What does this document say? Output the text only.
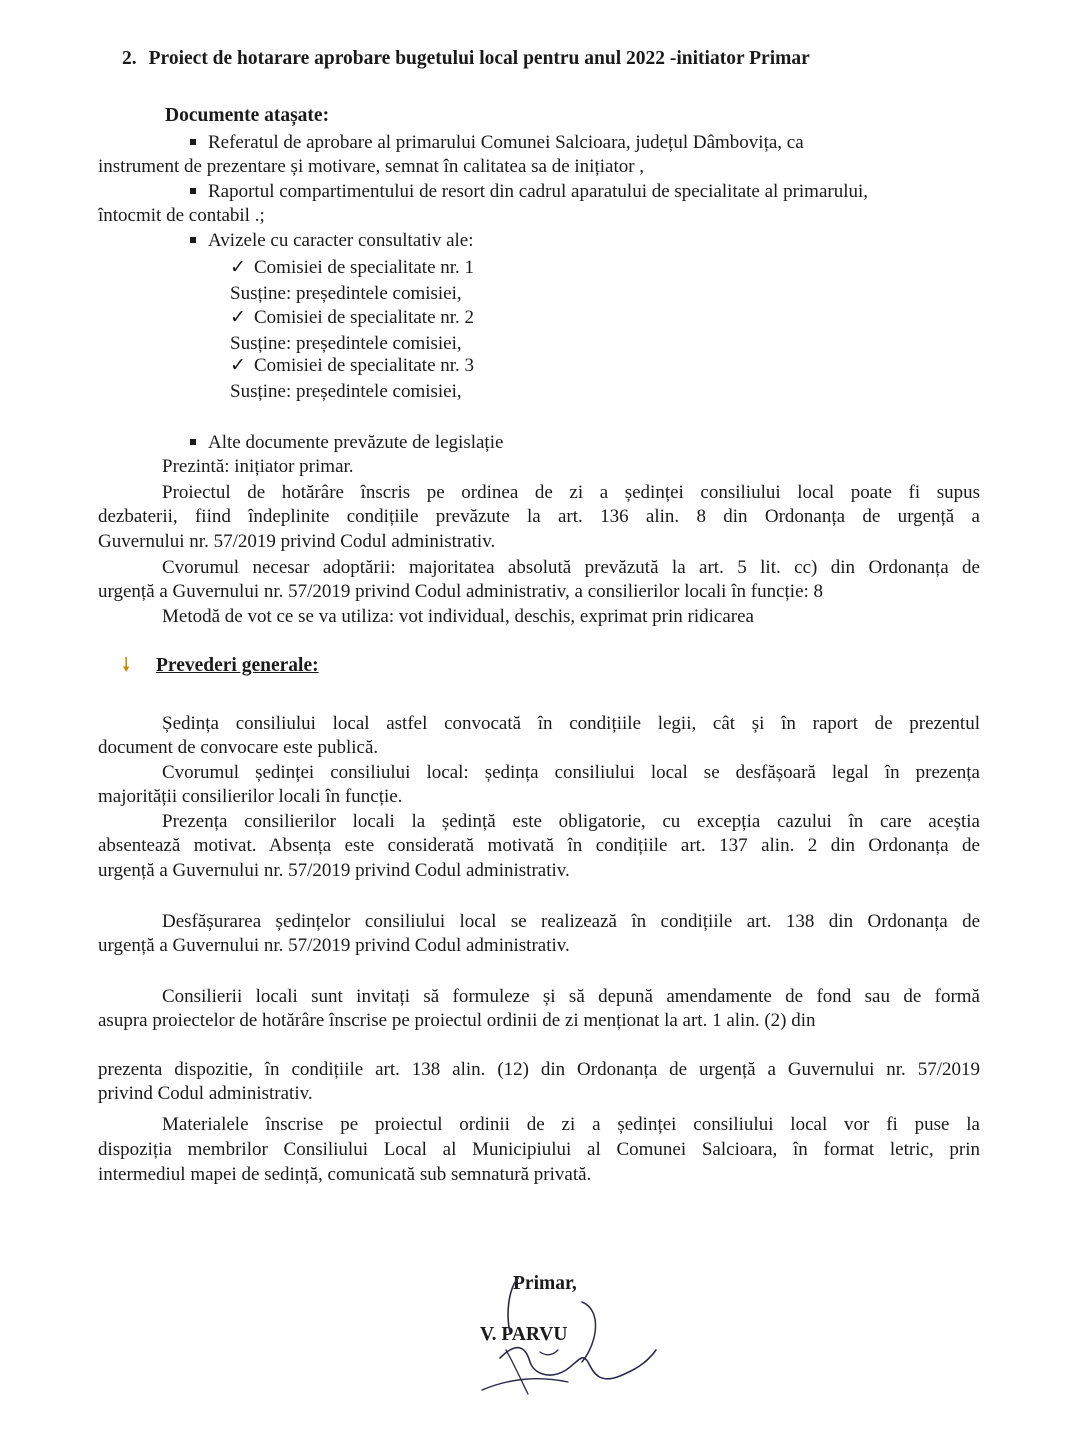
2. Proiect de hotarare aprobare bugetului local pentru anul 2022 -initiator Primar
Documente atașate:
Referatul de aprobare al primarului Comunei Salcioara, județul Dâmbovița, ca
instrument de prezentare și motivare, semnat în calitatea sa de inițiator ,
Raportul compartimentului de resort din cadrul aparatului de specialitate al primarului,
întocmit de contabil .;
Avizele cu caracter consultativ ale:
✓ Comisiei de specialitate nr. 1
Susține: președintele comisiei,
✓ Comisiei de specialitate nr. 2
Susține: președintele comisiei,
✓ Comisiei de specialitate nr. 3
Susține: președintele comisiei,
Alte documente prevăzute de legislație
Prezintă: inițiator primar.
Proiectul de hotărâre înscris pe ordinea de zi a ședinței consiliului local poate fi supus
dezbaterii, fiind îndeplinite condițiile prevăzute la art. 136 alin. 8 din Ordonanța de urgență a
Guvernului nr. 57/2019 privind Codul administrativ.
Cvorumul necesar adoptării: majoritatea absolută prevăzută la art. 5 lit. cc) din Ordonanța de
urgență a Guvernului nr. 57/2019 privind Codul administrativ, a consilierilor locali în funcție: 8
Metodă de vot ce se va utiliza: vot individual, deschis, exprimat prin ridicarea
🠗 Prevederi generale:
Ședința consiliului local astfel convocată în condițiile legii, cât și în raport de prezentul
document de convocare este publică.
Cvorumul ședinței consiliului local: ședința consiliului local se desfășoară legal în prezența
majorității consilierilor locali în funcție.
Prezența consilierilor locali la ședință este obligatorie, cu excepția cazului în care aceștia
absentează motivat. Absența este considerată motivată în condițiile art. 137 alin. 2 din Ordonanța de
urgență a Guvernului nr. 57/2019 privind Codul administrativ.
Desfășurarea ședințelor consiliului local se realizează în condițiile art. 138 din Ordonanța de
urgență a Guvernului nr. 57/2019 privind Codul administrativ.
Consilierii locali sunt invitați să formuleze și să depună amendamente de fond sau de formă
asupra proiectelor de hotărâre înscrise pe proiectul ordinii de zi menționat la art. 1 alin. (2) din
prezenta dispozitie, în condițiile art. 138 alin. (12) din Ordonanța de urgență a Guvernului nr. 57/2019
privind Codul administrativ.
Materialele înscrise pe proiectul ordinii de zi a ședinței consiliului local vor fi puse la
dispoziția membrilor Consiliului Local al Municipiului al Comunei Salcioara, în format letric, prin
intermediul mapei de sedință, comunicată sub semnatură privată.
Primar,
V. PARVU
